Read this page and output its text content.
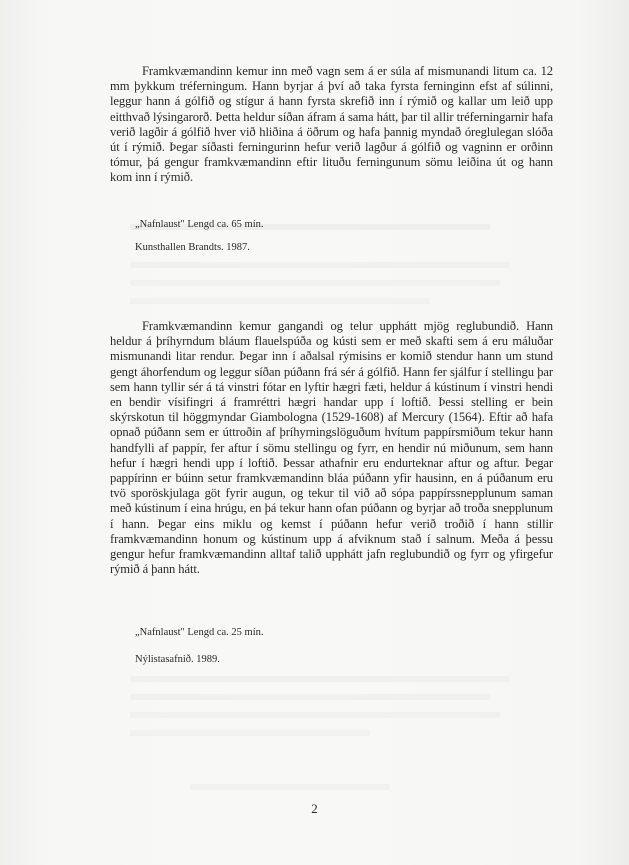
Framkvæmandinn kemur inn með vagn sem á er súla af mismunandi litum ca. 12 mm þykkum tréferningum. Hann byrjar á því að taka fyrsta ferninginn efst af súlinni, leggur hann á gólfið og stígur á hann fyrsta skrefið inn í rýmið og kallar um leið upp eitthvað lýsingarorð. Þetta heldur síðan áfram á sama hátt, þar til allir tréferningarnir hafa verið lagðir á gólfið hver við hliðina á öðrum og hafa þannig myndað óreglulegan slóða út í rýmið. Þegar síðasti ferningurinn hefur verið lagður á gólfið og vagninn er orðinn tómur, þá gengur framkvæmandinn eftir lituðu ferningunum sömu leiðina út og hann kom inn í rýmið.

„Nafnlaust" Lengd ca. 65 mín.

Kunsthallen Brandts. 1987.

Framkvæmandinn kemur gangandi og telur upphátt mjög reglubundið. Hann heldur á þríhyrndum bláum flauelspúða og kústi sem er með skafti sem á eru máluðar mismunandi litar rendur. Þegar inn í aðalsal rýmisins er komið stendur hann um stund gengt áhorfendum og leggur síðan púðann frá sér á gólfið. Hann fer sjálfur í stellingu þar sem hann tyllir sér á tá vinstri fótar en lyftir hægri fæti, heldur á kústinum í vinstri hendi en bendir vísifingri á framréttri hægri handar upp í loftið. Þessi stelling er bein skýrskotun til höggmyndar Giambologna (1529-1608) af Mercury (1564). Eftir að hafa opnað púðann sem er úttroðin af þríhyrningslöguðum hvítum pappírsmiðum tekur hann handfylli af pappír, fer aftur í sömu stellingu og fyrr, en hendir nú miðunum, sem hann hefur í hægri hendi upp í loftið. Þessar athafnir eru endurteknar aftur og aftur. Þegar pappírinn er búinn setur framkvæmandinn bláa púðann yfir hausinn, en á púðanum eru tvö sporöskjulaga göt fyrir augun, og tekur til við að sópa pappírssnepplunum saman með kústinum í eina hrúgu, en þá tekur hann ofan púðann og byrjar að troða snepplunum í hann. Þegar eins miklu og kemst í púðann hefur verið troðið í hann stillir framkvæmandinn honum og kústinum upp á afviknum stað í salnum. Meða á þessu gengur hefur framkvæmandinn alltaf talið upphátt jafn reglubundið og fyrr og yfirgefur rýmið á þann hátt.

„Nafnlaust" Lengd ca. 25 mín.

Nýlistasafnið. 1989.

2
